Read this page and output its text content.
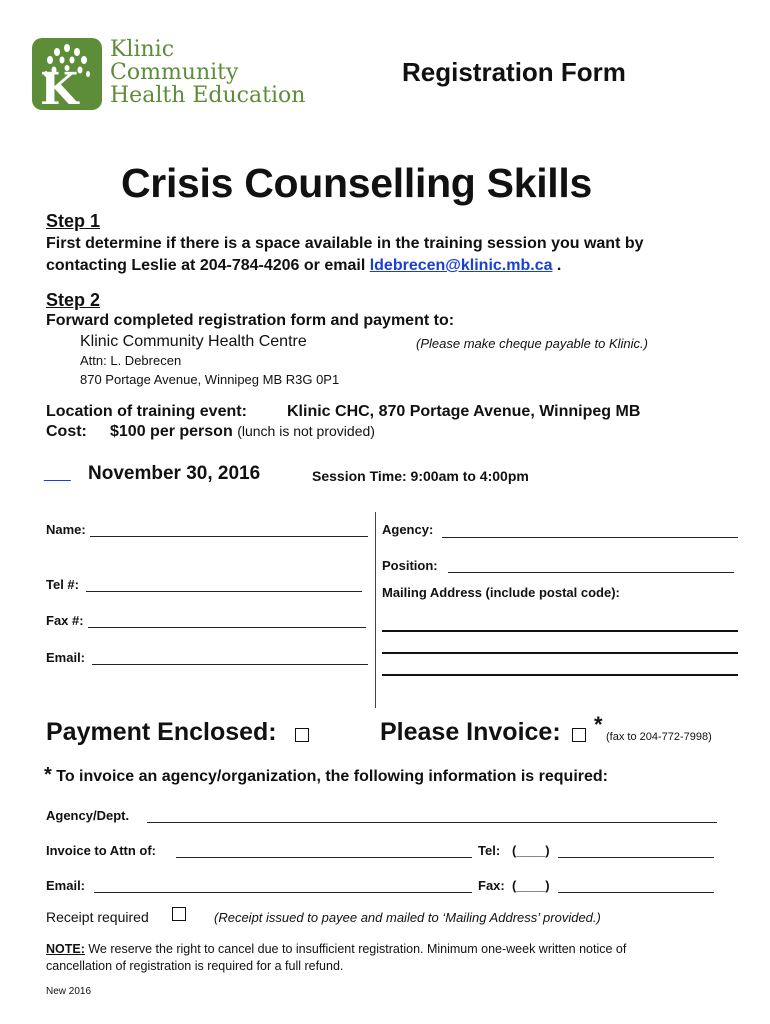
K
Klinic
Community
Health Education
Registration Form
Crisis Counselling Skills
Step 1
First determine if there is a space available in the training session you want by
contacting Leslie at 204-784-4206 or email ldebrecen@klinic.mb.ca .
Step 2
Forward completed registration form and payment to:
Klinic Community Health Centre	(Please make cheque payable to Klinic.)
Attn: L. Debrecen
870 Portage Avenue, Winnipeg MB R3G 0P1
Location of training event:	Klinic CHC, 870 Portage Avenue, Winnipeg MB
Cost: $100 per person (lunch is not provided)
___ November 30, 2016	Session Time: 9:00am to 4:00pm
Name:
Tel #:
Fax #:
Email:
Agency:
Position:
Mailing Address (include postal code):
Payment Enclosed:	Please Invoice: * (fax to 204-772-7998)
* To invoice an agency/organization, the following information is required:
Agency/Dept.
Invoice to Attn of:	Tel: (____)
Email:	Fax: (____)
Receipt required	(Receipt issued to payee and mailed to ‘Mailing Address’ provided.)
NOTE: We reserve the right to cancel due to insufficient registration. Minimum one-week written notice of
cancellation of registration is required for a full refund.
New 2016
